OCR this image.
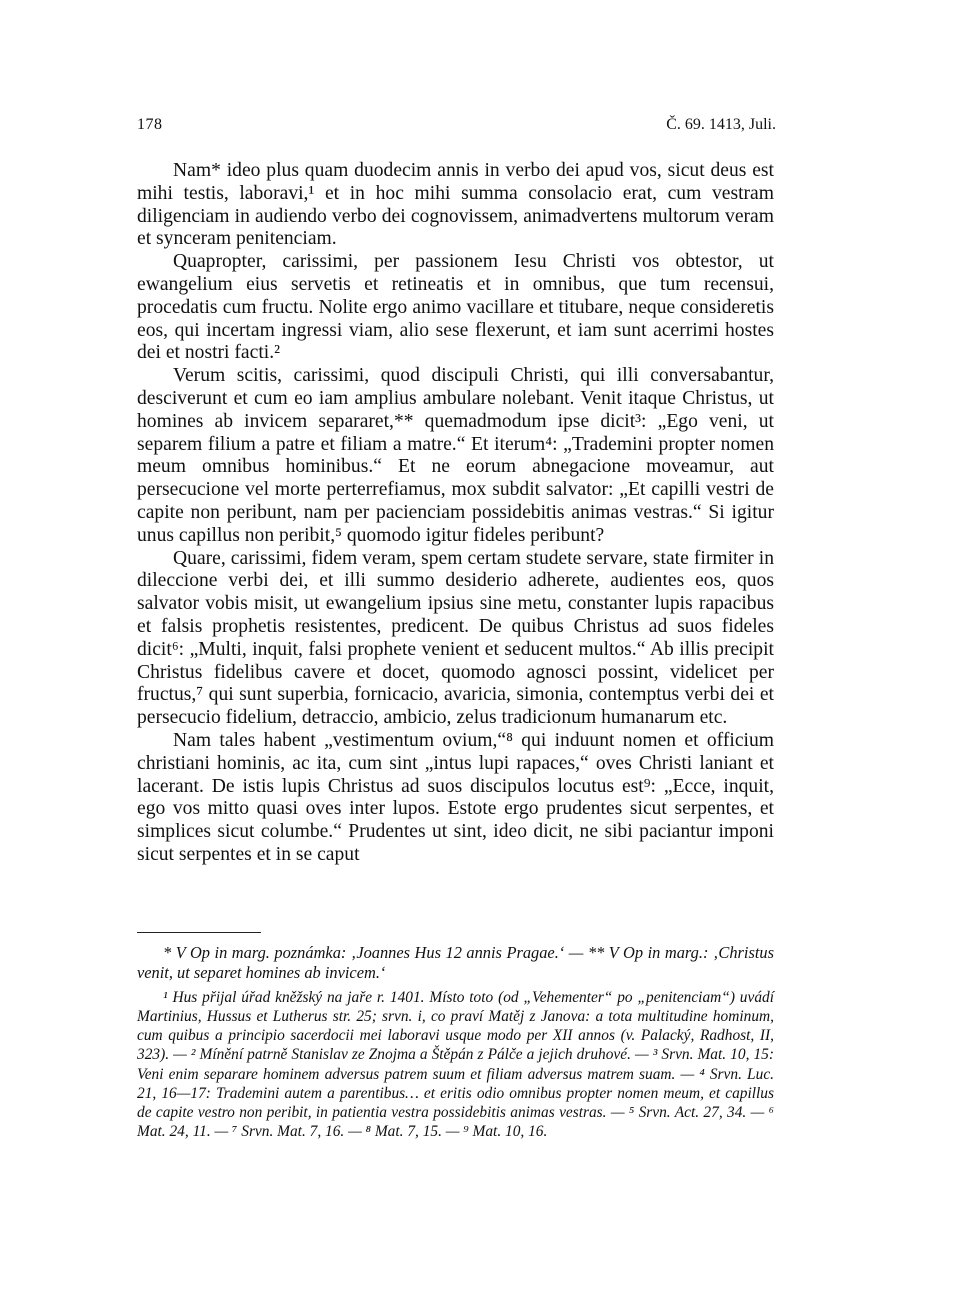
178	Č. 69. 1413, Juli.

Nam* ideo plus quam duodecim annis in verbo dei apud vos, sicut deus est mihi testis, laboravi,¹ et in hoc mihi summa consolacio erat, cum vestram diligenciam in audiendo verbo dei cognovissem, animadvertens multorum veram et synceram penitenciam.

Quapropter, carissimi, per passionem Iesu Christi vos obtestor, ut ewangelium eius servetis et retineatis et in omnibus, que tum recensui, procedatis cum fructu. Nolite ergo animo vacillare et titubare, neque consideretis eos, qui incertam ingressi viam, alio sese flexerunt, et iam sunt acerrimi hostes dei et nostri facti.²

Verum scitis, carissimi, quod discipuli Christi, qui illi conversabantur, desciverunt et cum eo iam amplius ambulare nolebant. Venit itaque Christus, ut homines ab invicem separaret,** quemadmodum ipse dicit³: „Ego veni, ut separem filium a patre et filiam a matre.“ Et iterum⁴: „Trademini propter nomen meum omnibus hominibus.“ Et ne eorum abnegacione moveamur, aut persecucione vel morte perterrefiamus, mox subdit salvator: „Et capilli vestri de capite non peribunt, nam per pacienciam possidebitis animas vestras.“ Si igitur unus capillus non peribit,⁵ quomodo igitur fideles peribunt?

Quare, carissimi, fidem veram, spem certam studete servare, state firmiter in dileccione verbi dei, et illi summo desiderio adherete, audientes eos, quos salvator vobis misit, ut ewangelium ipsius sine metu, constanter lupis rapacibus et falsis prophetis resistentes, predicent. De quibus Christus ad suos fideles dicit⁶: „Multi, inquit, falsi prophete venient et seducent multos.“ Ab illis precipit Christus fidelibus cavere et docet, quomodo agnosci possint, videlicet per fructus,⁷ qui sunt superbia, fornicacio, avaricia, simonia, contemptus verbi dei et persecucio fidelium, detraccio, ambicio, zelus tradicionum humanarum etc.

Nam tales habent „vestimentum ovium,“⁸ qui induunt nomen et officium christiani hominis, ac ita, cum sint „intus lupi rapaces,“ oves Christi laniant et lacerant. De istis lupis Christus ad suos discipulos locutus est⁹: „Ecce, inquit, ego vos mitto quasi oves inter lupos. Estote ergo prudentes sicut serpentes, et simplices sicut columbe.“ Prudentes ut sint, ideo dicit, ne sibi paciantur imponi sicut serpentes et in se caput

* V Op in marg. poznámka: ‚Joannes Hus 12 annis Pragae.‘ — ** V Op in marg.: ‚Christus venit, ut separet homines ab invicem.‘

¹ Hus přijal úřad kněžský na jaře r. 1401. Místo toto (od „Vehementer“ po „penitenciam“) uvádí Martinius, Hussus et Lutherus str. 25; srvn. i, co praví Matěj z Janova: a tota multitudine hominum, cum quibus a principio sacerdocii mei laboravi usque modo per XII annos (v. Palacký, Radhost, II, 323). — ² Mínění patrně Stanislav ze Znojma a Štěpán z Pálče a jejich druhové. — ³ Srvn. Mat. 10, 15: Veni enim separare hominem adversus patrem suum et filiam adversus matrem suam. — ⁴ Srvn. Luc. 21, 16—17: Trademini autem a parentibus… et eritis odio omnibus propter nomen meum, et capillus de capite vestro non peribit, in patientia vestra possidebitis animas vestras. — ⁵ Srvn. Act. 27, 34. — ⁶ Mat. 24, 11. — ⁷ Srvn. Mat. 7, 16. — ⁸ Mat. 7, 15. — ⁹ Mat. 10, 16.
